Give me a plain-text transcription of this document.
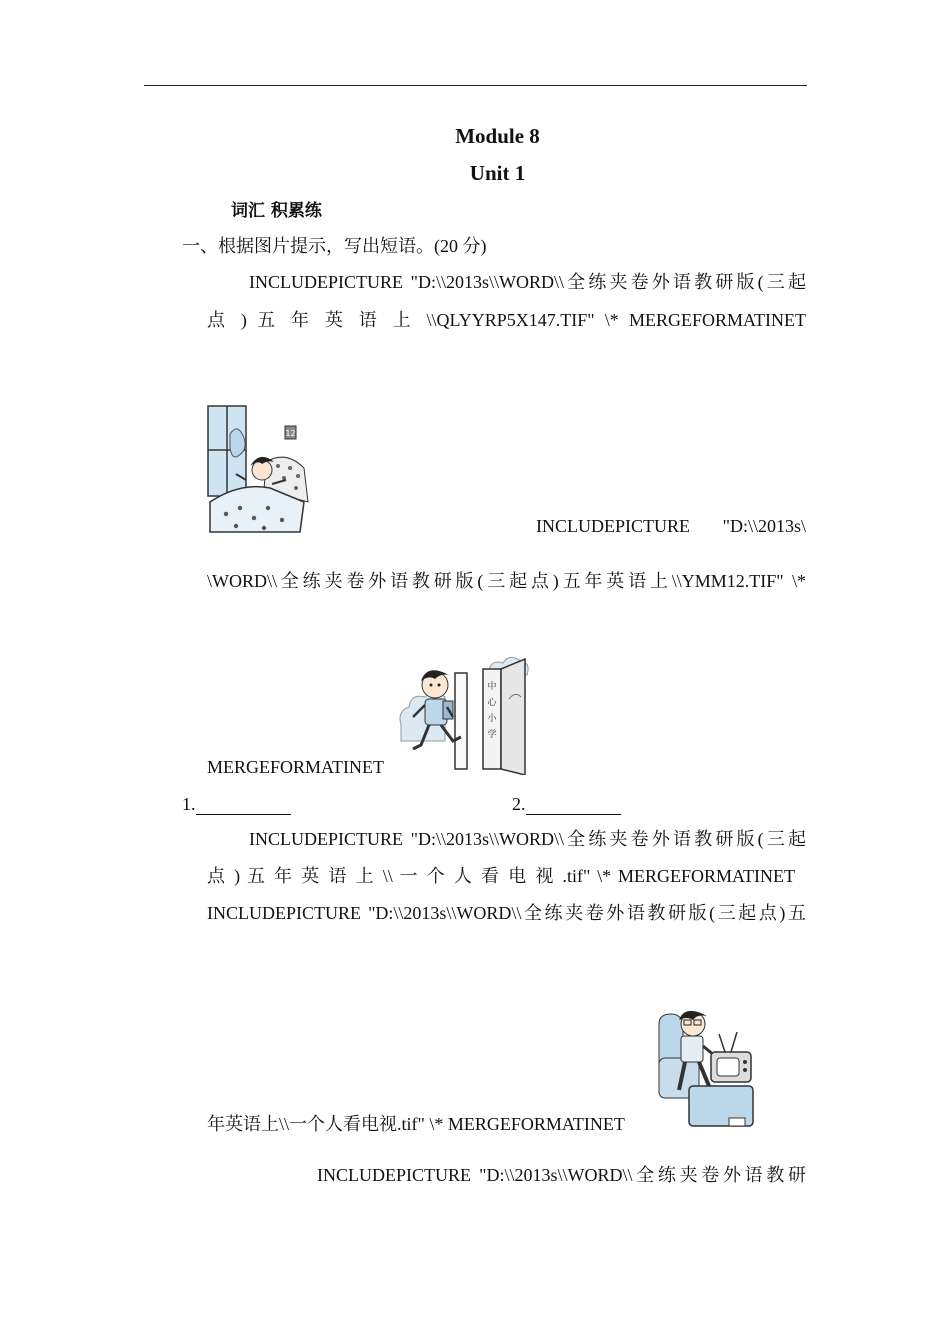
Module 8
Unit 1
词汇 积累练
一、根据图片提示，写出短语。(20 分)
INCLUDEPICTURE "D:\\2013s\\WORD\\全练夹卷外语教研版(三起
点 ) 五 年 英 语 上 \\QLYYRP5X147.TIF" \* MERGEFORMATINET
12
INCLUDEPICTURE "D:\\2013s\
\WORD\\全练夹卷外语教研版(三起点)五年英语上\\YMM12.TIF" \*
MERGEFORMATINET
中
心
小
学
1.	2.
INCLUDEPICTURE "D:\\2013s\\WORD\\全练夹卷外语教研版(三起
点 ) 五 年 英 语 上 \\ 一 个 人 看 电 视 .tif" \* MERGEFORMATINET
INCLUDEPICTURE "D:\\2013s\\WORD\\全练夹卷外语教研版(三起点)五
年英语上\\一个人看电视.tif" \* MERGEFORMATINET
INCLUDEPICTURE "D:\\2013s\\WORD\\全练夹卷外语教研
